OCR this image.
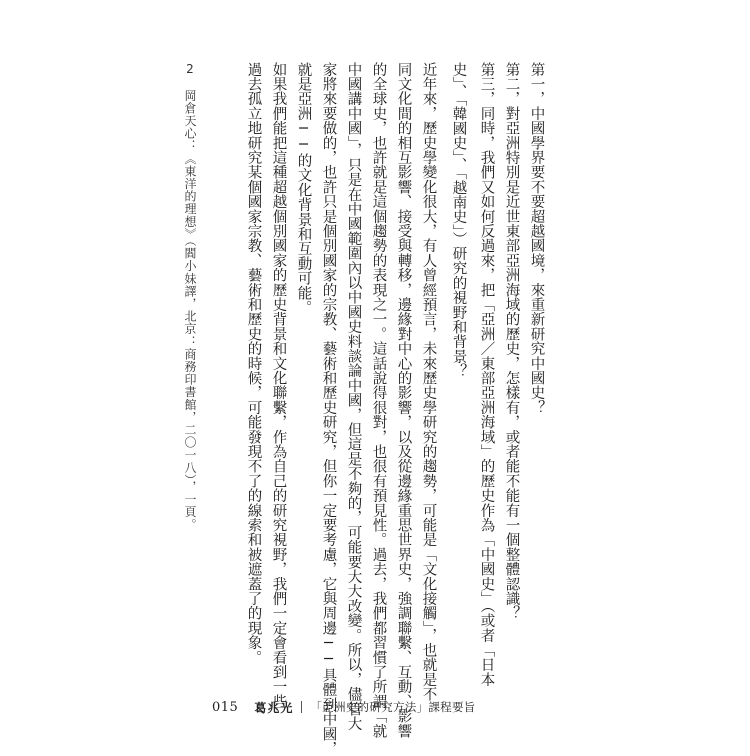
第一，中國學界要不要超越國境，來重新研究中國史？
第二，對亞洲特別是近世東部亞洲海域的歷史，怎樣有，或者能不能有一個整體認識？
第三，同時，我們又如何反過來，把「亞洲／東部亞洲海域」的歷史作為「中國史」（或者「日本
史」、「韓國史」、「越南史」）研究的視野和背景？
近年來，歷史學變化很大，有人曾經預言，未來歷史學研究的趨勢，可能是「文化接觸」，也就是不
同文化間的相互影響、接受與轉移，邊緣對中心的影響，以及從邊緣重思世界史，強調聯繫、互動、影響
的全球史，也許就是這個趨勢的表現之一。這話說得很對，也很有預見性。過去，我們都習慣了所謂「就
中國講中國」，只是在中國範圍內以中國史料談論中國，但這是不夠的，可能要大大改變。所以，儘管大
家將來要做的，也許只是個別國家的宗教、藝術和歷史研究，但你一定要考慮，它與周邊──具體到中國，
就是亞洲──的文化背景和互動可能。
如果我們能把這種超越個別國家的歷史背景和文化聯繫，作為自己的研究視野，我們一定會看到一些
過去孤立地研究某個國家宗教、藝術和歷史的時候，可能發現不了的線索和被遮蓋了的現象。
2　岡倉天心：《東洋的理想》（閻小妹譯，北京：商務印書館，二〇一八），一頁。
015 葛兆光 「亞洲史的研究方法」課程要旨
